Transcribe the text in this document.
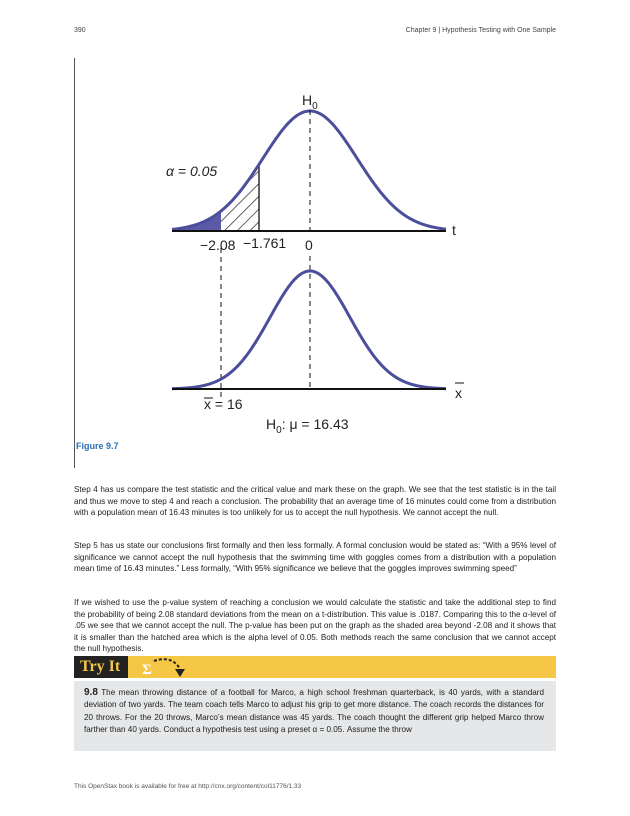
390	Chapter 9 | Hypothesis Testing with One Sample
$H_0$
α = 0.05
t
−2.08 −1.761 0
x
x = 16
$H_0$: μ = 16.43
Figure 9.7
Step 4 has us compare the test statistic and the critical value and mark these on the graph. We see that the test statistic is in the tail and thus we move to step 4 and reach a conclusion. The probability that an average time of 16 minutes could come from a distribution with a population mean of 16.43 minutes is too unlikely for us to accept the null hypothesis. We cannot accept the null.
Step 5 has us state our conclusions first formally and then less formally. A formal conclusion would be stated as: “With a 95% level of significance we cannot accept the null hypothesis that the swimming time with goggles comes from a distribution with a population mean time of 16.43 minutes.” Less formally, “With 95% significance we believe that the goggles improves swimming speed”
If we wished to use the p-value system of reaching a conclusion we would calculate the statistic and take the additional step to find the probability of being 2.08 standard deviations from the mean on a t-distribution. This value is .0187. Comparing this to the α-level of .05 we see that we cannot accept the null. The p-value has been put on the graph as the shaded area beyond -2.08 and it shows that it is smaller than the hatched area which is the alpha level of 0.05. Both methods reach the same conclusion that we cannot accept the null hypothesis.
Try It	Σ
9.8 The mean throwing distance of a football for Marco, a high school freshman quarterback, is 40 yards, with a standard deviation of two yards. The team coach tells Marco to adjust his grip to get more distance. The coach records the distances for 20 throws. For the 20 throws, Marco’s mean distance was 45 yards. The coach thought the different grip helped Marco throw farther than 40 yards. Conduct a hypothesis test using a preset α = 0.05. Assume the throw
This OpenStax book is available for free at http://cnx.org/content/col11776/1.33
